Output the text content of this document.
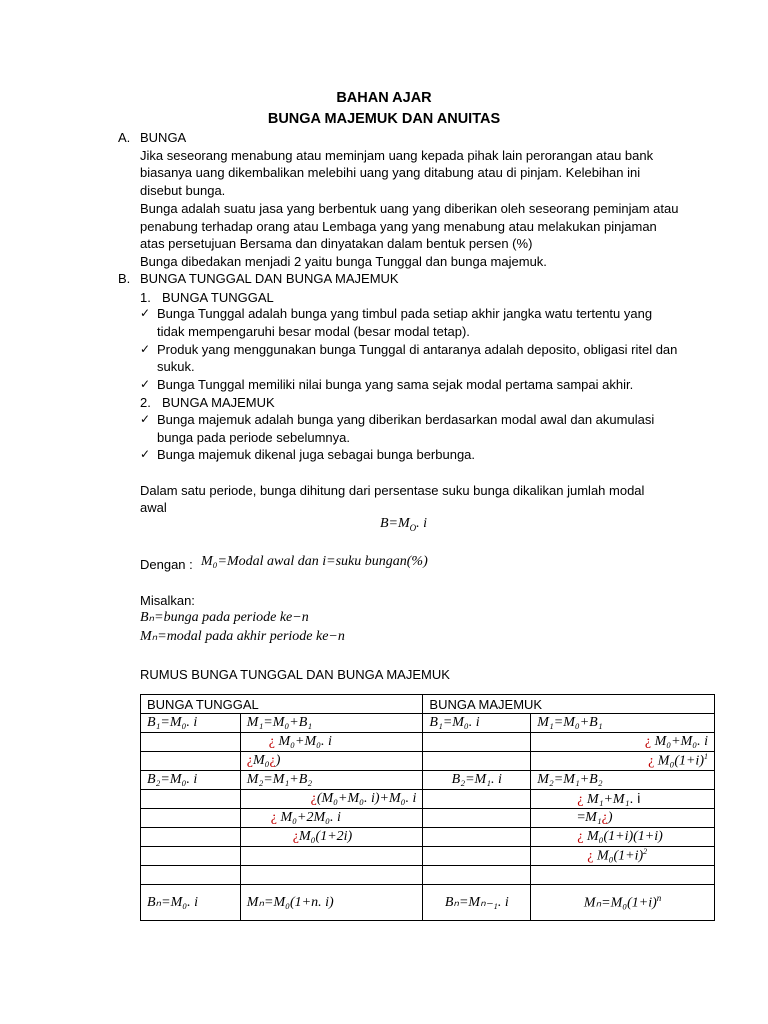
BAHAN AJAR
BUNGA MAJEMUK DAN ANUITAS
A. BUNGA
Jika seseorang menabung atau meminjam uang kepada pihak lain perorangan atau bank
biasanya uang dikembalikan melebihi uang yang ditabung atau di pinjam. Kelebihan ini
disebut bunga.
Bunga adalah suatu jasa yang berbentuk uang yang diberikan oleh seseorang peminjam atau
penabung terhadap orang atau Lembaga yang yang menabung atau melakukan pinjaman
atas persetujuan Bersama dan dinyatakan dalam bentuk persen (%)
Bunga dibedakan menjadi 2 yaitu bunga Tunggal dan bunga majemuk.
B. BUNGA TUNGGAL DAN BUNGA MAJEMUK
1. BUNGA TUNGGAL
✓ Bunga Tunggal adalah bunga yang timbul pada setiap akhir jangka watu tertentu yang
tidak mempengaruhi besar modal (besar modal tetap).
✓ Produk yang menggunakan bunga Tunggal di antaranya adalah deposito, obligasi ritel dan
sukuk.
✓ Bunga Tunggal memiliki nilai bunga yang sama sejak modal pertama sampai akhir.
2. BUNGA MAJEMUK
✓ Bunga majemuk adalah bunga yang diberikan berdasarkan modal awal dan akumulasi
bunga pada periode sebelumnya.
✓ Bunga majemuk dikenal juga sebagai bunga berbunga.
Dalam satu periode, bunga dihitung dari persentase suku bunga dikalikan jumlah modal
awal
$B=M_O$. i
Dengan : M₀=Modal awal dan i=suku bungan(%)
Misalkan:
Bₙ=bunga pada periode ke−n
Mₙ=modal pada akhir periode ke−n
RUMUS BUNGA TUNGGAL DAN BUNGA MAJEMUK
BUNGA TUNGGAL		BUNGA MAJEMUK	
B₁=M₀. i	M₁=M₀+B₁	B₁=M₀. i	M₁=M₀+B₁
	¿ M₀+M₀. i		¿ M₀+M₀. i
	¿M₀¿)		¿ $M_0(1+i)^1$
B₂=M₀. i	M₂=M₁+B₂	B₂=M₁. i	M₂=M₁+B₂
	¿(M₀+M₀. i)+M₀. i		¿ M₁+M₁. i
	¿ M₀+2M₀. i		=M₁¿)
	¿M₀(1+2i)		¿ M₀(1+i)(1+i)
			¿ $M_0(1+i)^2$

Bₙ=M₀. i	Mₙ=M₀(1+n. i)	Bₙ=Mₙ₋₁. i	$M_n=M_0(1+i)^n$
